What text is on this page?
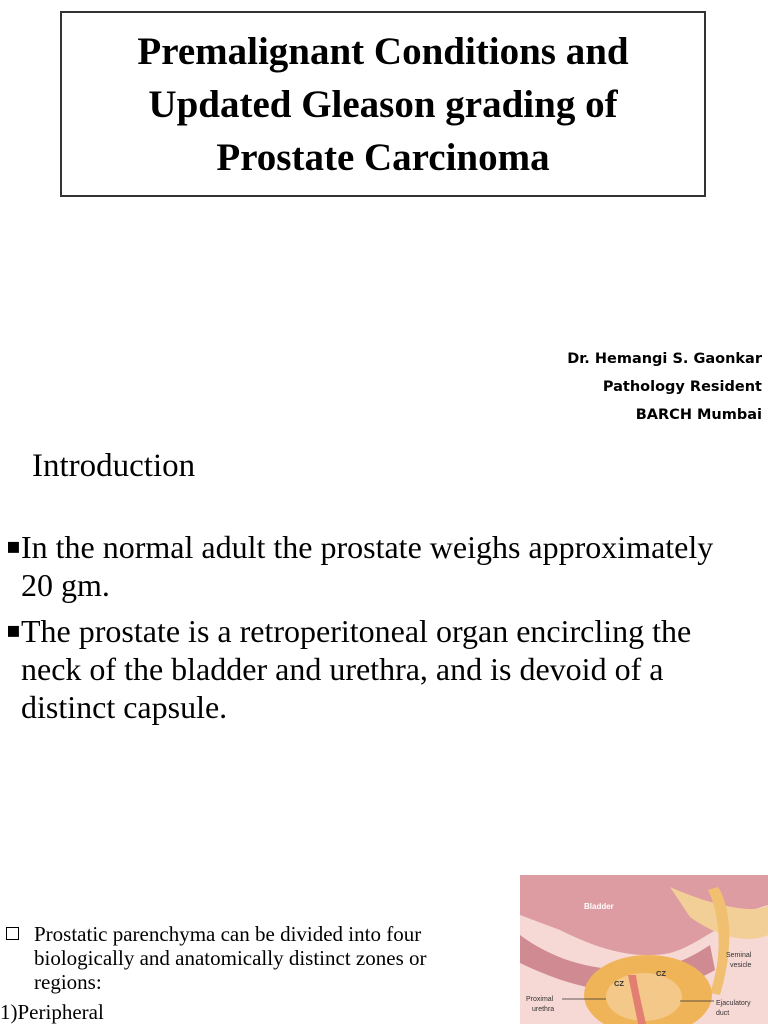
Premalignant Conditions and
Updated Gleason grading of
Prostate Carcinoma
Dr. Hemangi S. Gaonkar
Pathology Resident
BARCH Mumbai
Introduction
▪ In the normal adult the prostate weighs approximately 20 gm.
▪ The prostate is a retroperitoneal organ encircling the neck of the bladder and urethra, and is devoid of a distinct capsule.
Prostatic parenchyma can be divided into four biologically and anatomically distinct zones or regions:
1)Peripheral
Bladder
CZ
CZ
Seminal
vesicle
Proximal
urethra
Ejaculatory
duct
